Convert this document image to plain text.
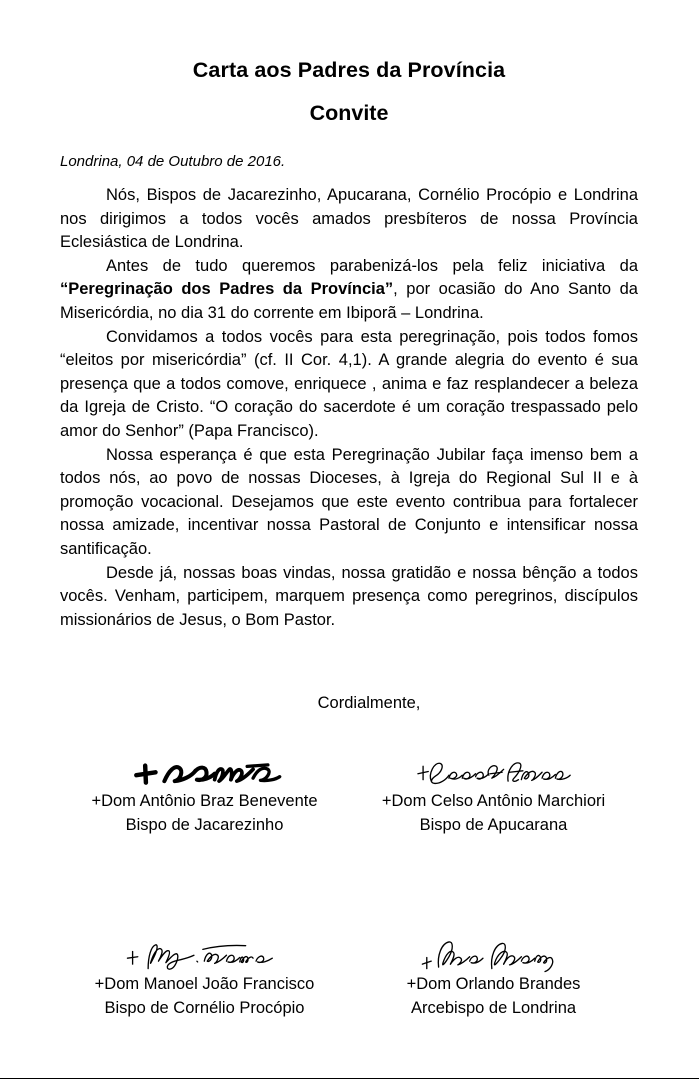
Carta aos Padres da Província
Convite

Londrina, 04 de Outubro de 2016.

Nós, Bispos de Jacarezinho, Apucarana, Cornélio Procópio e Londrina nos dirigimos a todos vocês amados presbíteros de nossa Província Eclesiástica de Londrina.

Antes de tudo queremos parabenizá-los pela feliz iniciativa da “Peregrinação dos Padres da Província”, por ocasião do Ano Santo da Misericórdia, no dia 31 do corrente em Ibiporã – Londrina.

Convidamos a todos vocês para esta peregrinação, pois todos fomos “eleitos por misericórdia” (cf. II Cor. 4,1). A grande alegria do evento é sua presença que a todos comove, enriquece , anima e faz resplandecer a beleza da Igreja de Cristo. “O coração do sacerdote é um coração trespassado pelo amor do Senhor” (Papa Francisco).

Nossa esperança é que esta Peregrinação Jubilar faça imenso bem a todos nós, ao povo de nossas Dioceses, à Igreja do Regional Sul II e à promoção vocacional. Desejamos que este evento contribua para fortalecer nossa amizade, incentivar nossa Pastoral de Conjunto e intensificar nossa santificação.

Desde já, nossas boas vindas, nossa gratidão e nossa bênção a todos vocês. Venham, participem, marquem presença como peregrinos, discípulos missionários de Jesus, o Bom Pastor.

Cordialmente,

+Dom Antônio Braz Benevente

Bispo de Jacarezinho

+Dom Celso Antônio Marchiori

Bispo de Apucarana

+Dom Manoel João Francisco

Bispo de Cornélio Procópio

+Dom Orlando Brandes

Arcebispo de Londrina
